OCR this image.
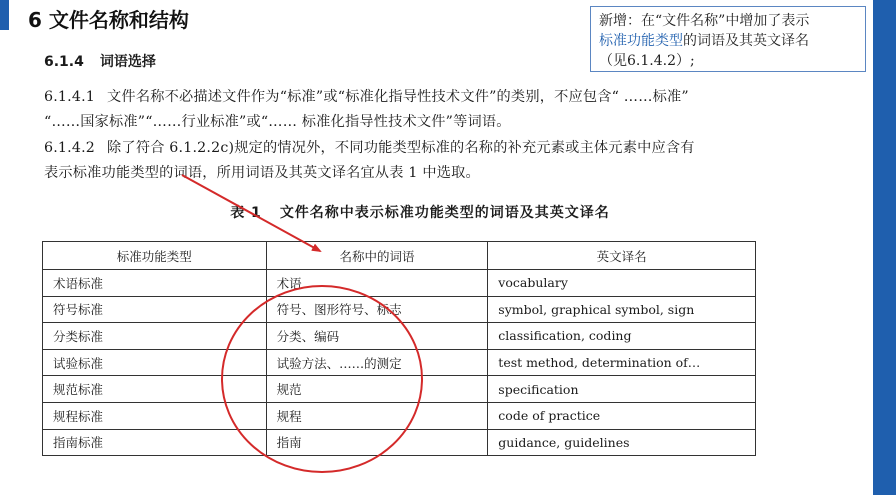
6 文件名称和结构	新增：在“文件名称”中增加了表示
标准功能类型的词语及其英文译名
（见6.1.4.2）;
6.1.4 词语选择
6.1.4.1 文件名称不必描述文件作为“标准”或“标准化指导性技术文件”的类别，不应包含“ ……标准”
“……国家标准”“……行业标准”或“…… 标准化指导性技术文件”等词语。
6.1.4.2 除了符合 6.1.2.2c)规定的情况外，不同功能类型标准的名称的补充元素或主体元素中应含有
表示标准功能类型的词语，所用词语及其英文译名宜从表 1 中选取。
表 1 文件名称中表示标准功能类型的词语及其英文译名
标准功能类型	名称中的词语	英文译名
术语标准	术语	vocabulary
符号标准	符号、图形符号、标志	symbol, graphical symbol, sign
分类标准	分类、编码	classification, coding
试验标准	试验方法、……的测定	test method, determination of…
规范标准	规范	specification
规程标准	规程	code of practice
指南标准	指南	guidance, guidelines
